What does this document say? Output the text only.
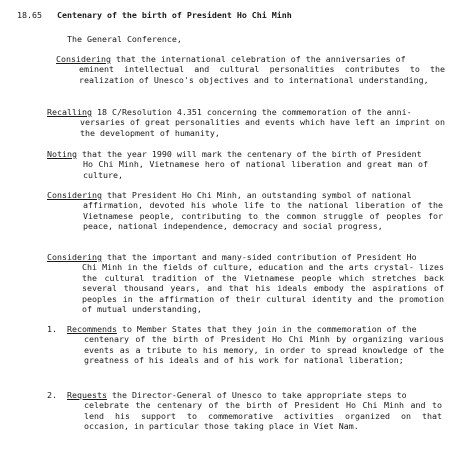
18.65 Centenary of the birth of President Ho Chi Minh
The General Conference,
Considering that the international celebration of the anniversaries of
eminent intellectual and cultural personalities contributes to the realization of Unesco's objectives and to international understanding,
Recalling 18 C/Resolution 4.351 concerning the commemoration of the anni-
versaries of great personalities and events which have left an imprint on the development of humanity,
Noting that the year 1990 will mark the centenary of the birth of President
Ho Chi Minh, Vietnamese hero of national liberation and great man of culture,
Considering that President Ho Chi Minh, an outstanding symbol of national
affirmation, devoted his whole life to the national liberation of the Vietnamese people, contributing to the common struggle of peoples for peace, national independence, democracy and social progress,
Considering that the important and many-sided contribution of President Ho
Chi Minh in the fields of culture, education and the arts crystal- lizes the cultural tradition of the Vietnamese people which stretches back several thousand years, and that his ideals embody the aspirations of peoples in the affirmation of their cultural identity and the promotion of mutual understanding,
1. Recommends to Member States that they join in the commemoration of the
centenary of the birth of President Ho Chi Minh by organizing various events as a tribute to his memory, in order to spread knowledge of the greatness of his ideals and of his work for national liberation;
2. Requests the Director-General of Unesco to take appropriate steps to
celebrate the centenary of the birth of President Ho Chi Minh and to lend his support to commemorative activities organized on that occasion, in particular those taking place in Viet Nam.
